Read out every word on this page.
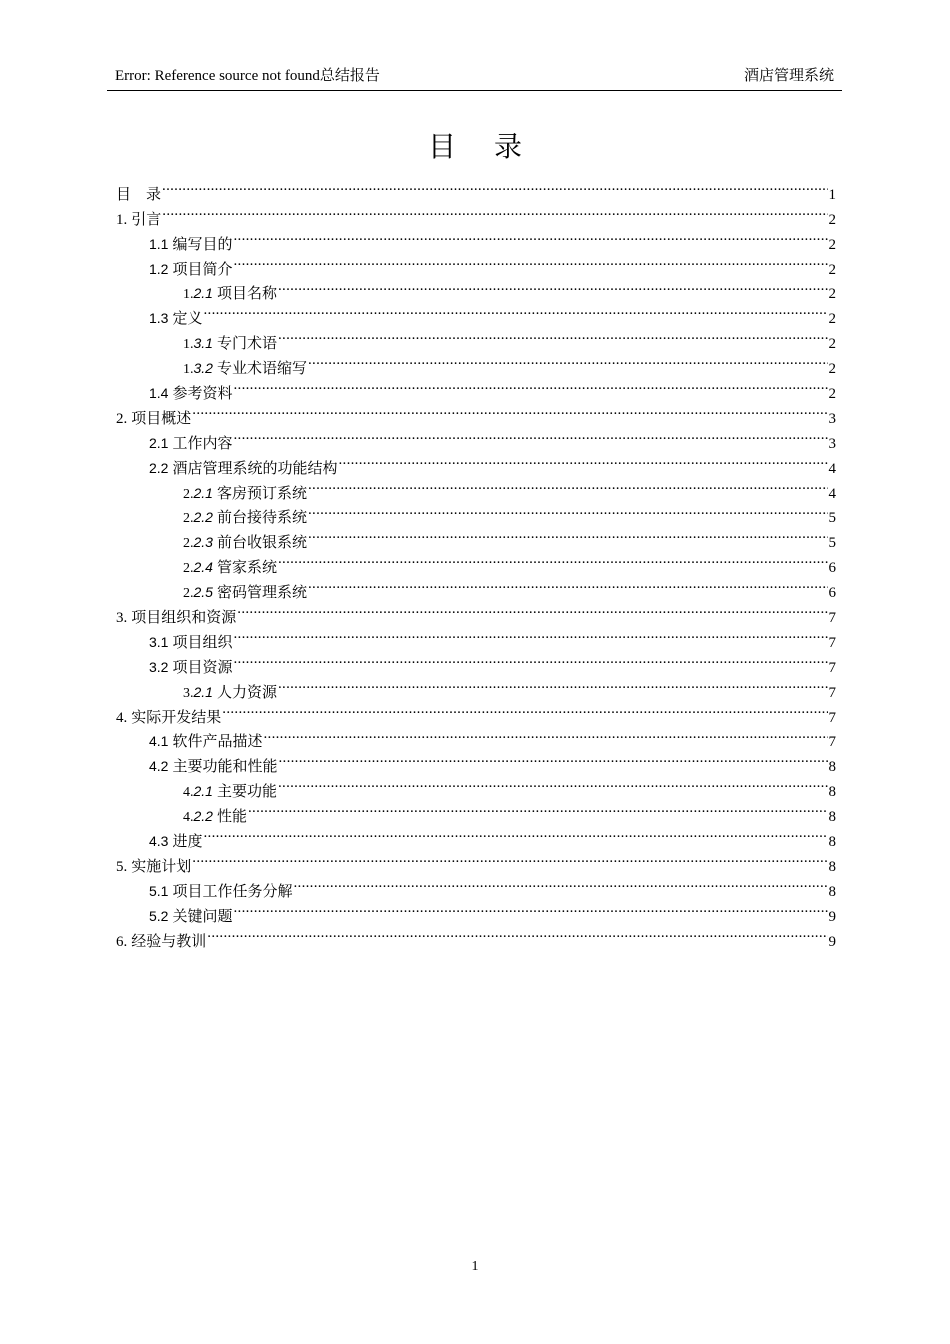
Error: Reference source not found总结报告	酒店管理系统
目 录
目　录 .....	1
1. 引言 .....	2
1.1 编写目的 .....	2
1.2 项目简介 .....	2
1.2.1 项目名称 .....	2
1.3 定义 .....	2
1.3.1 专门术语 .....	2
1.3.2 专业术语缩写 .....	2
1.4 参考资料 .....	2
2. 项目概述 .....	3
2.1 工作内容 .....	3
2.2 酒店管理系统的功能结构 .....	4
2.2.1 客房预订系统 .....	4
2.2.2 前台接待系统 .....	5
2.2.3 前台收银系统 .....	5
2.2.4 管家系统 .....	6
2.2.5 密码管理系统 .....	6
3. 项目组织和资源 .....	7
3.1 项目组织 .....	7
3.2 项目资源 .....	7
3.2.1 人力资源 .....	7
4. 实际开发结果 .....	7
4.1 软件产品描述 .....	7
4.2 主要功能和性能 .....	8
4.2.1 主要功能 .....	8
4.2.2 性能 .....	8
4.3 进度 .....	8
5. 实施计划 .....	8
5.1 项目工作任务分解 .....	8
5.2 关键问题 .....	9
6. 经验与教训 .....	9
1
